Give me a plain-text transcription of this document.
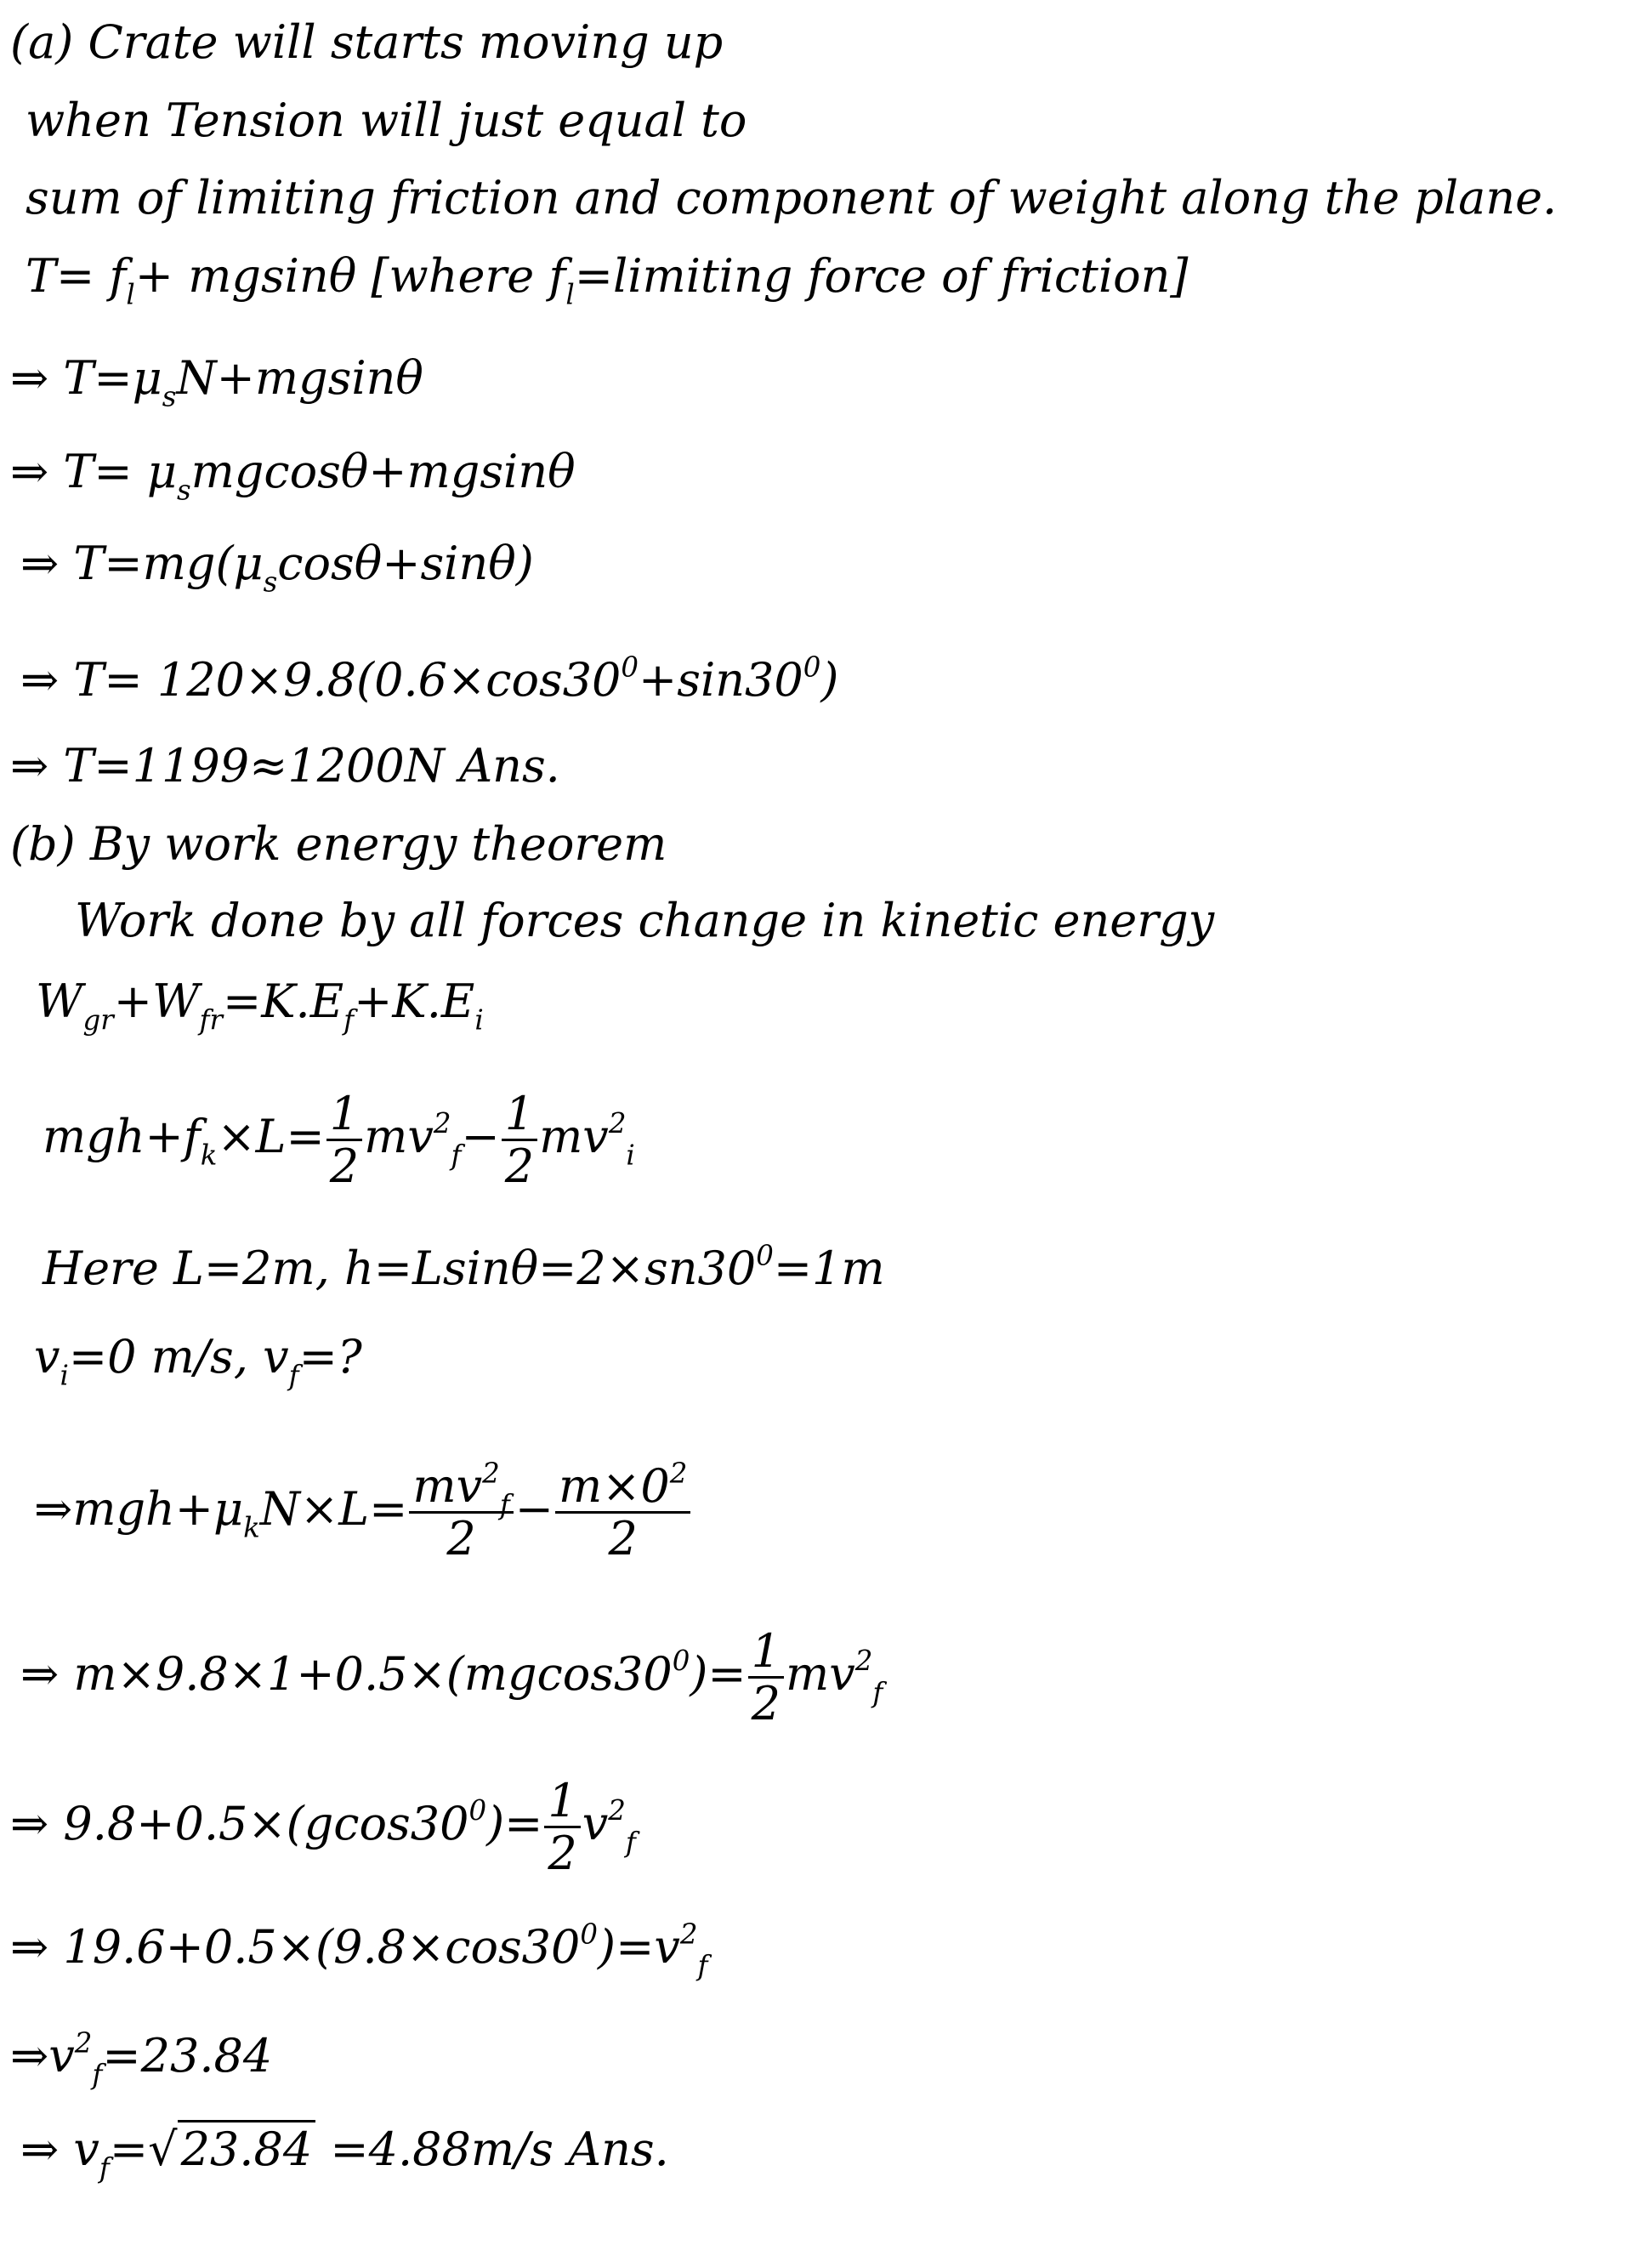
(a) Crate will starts moving up
when Tension will just equal to
sum of limiting friction and component of weight along the plane.
$T= f_l+ mgsin\theta$ [where $f_l=limiting$ force of friction]
⇒ $T=\mu_sN+mgsin\theta$
⇒ $T= \mu_smgcos\theta+mgsin\theta$
⇒ $T=mg(\mu_s\cos\theta+\sin\theta)$
⇒ $T= 120\times 9.8(0.6\times\cos 30^0+\sin 30^0)$
⇒ T=1199≈1200N Ans.
(b) By work energy theorem
Work done by all forces change in kinetic energy
$W_{gr}+W_{fr}=K.E_f+K.E_i$
$mgh+f_k\times L= \frac{1}{2} mv^2_f- \frac{1}{2} mv^2_i$
Here L=2m, $h=Lsin\theta=2\times sn30^0=1m$
$v_i=0$ m/s, $v_f=$?
$\Rightarrow mgh+\mu_kN\times L= \frac{mv^2_f}{2} - \frac{m\times 0^2}{2}$
⇒ $m\times 9.8\times 1+0.5\times(mgcos30^0)= \frac{1}{2} mv^2_f$
⇒ $9.8+0.5\times(gcos30^0)= \frac{1}{2} v^2_f$
⇒ $19.6+0.5\times(9.8\times\cos 30^0)=v^2_f$
$\Rightarrow v^2_f=23.84$
⇒ $v_f=√23.84 =4.88m/s$ Ans.
